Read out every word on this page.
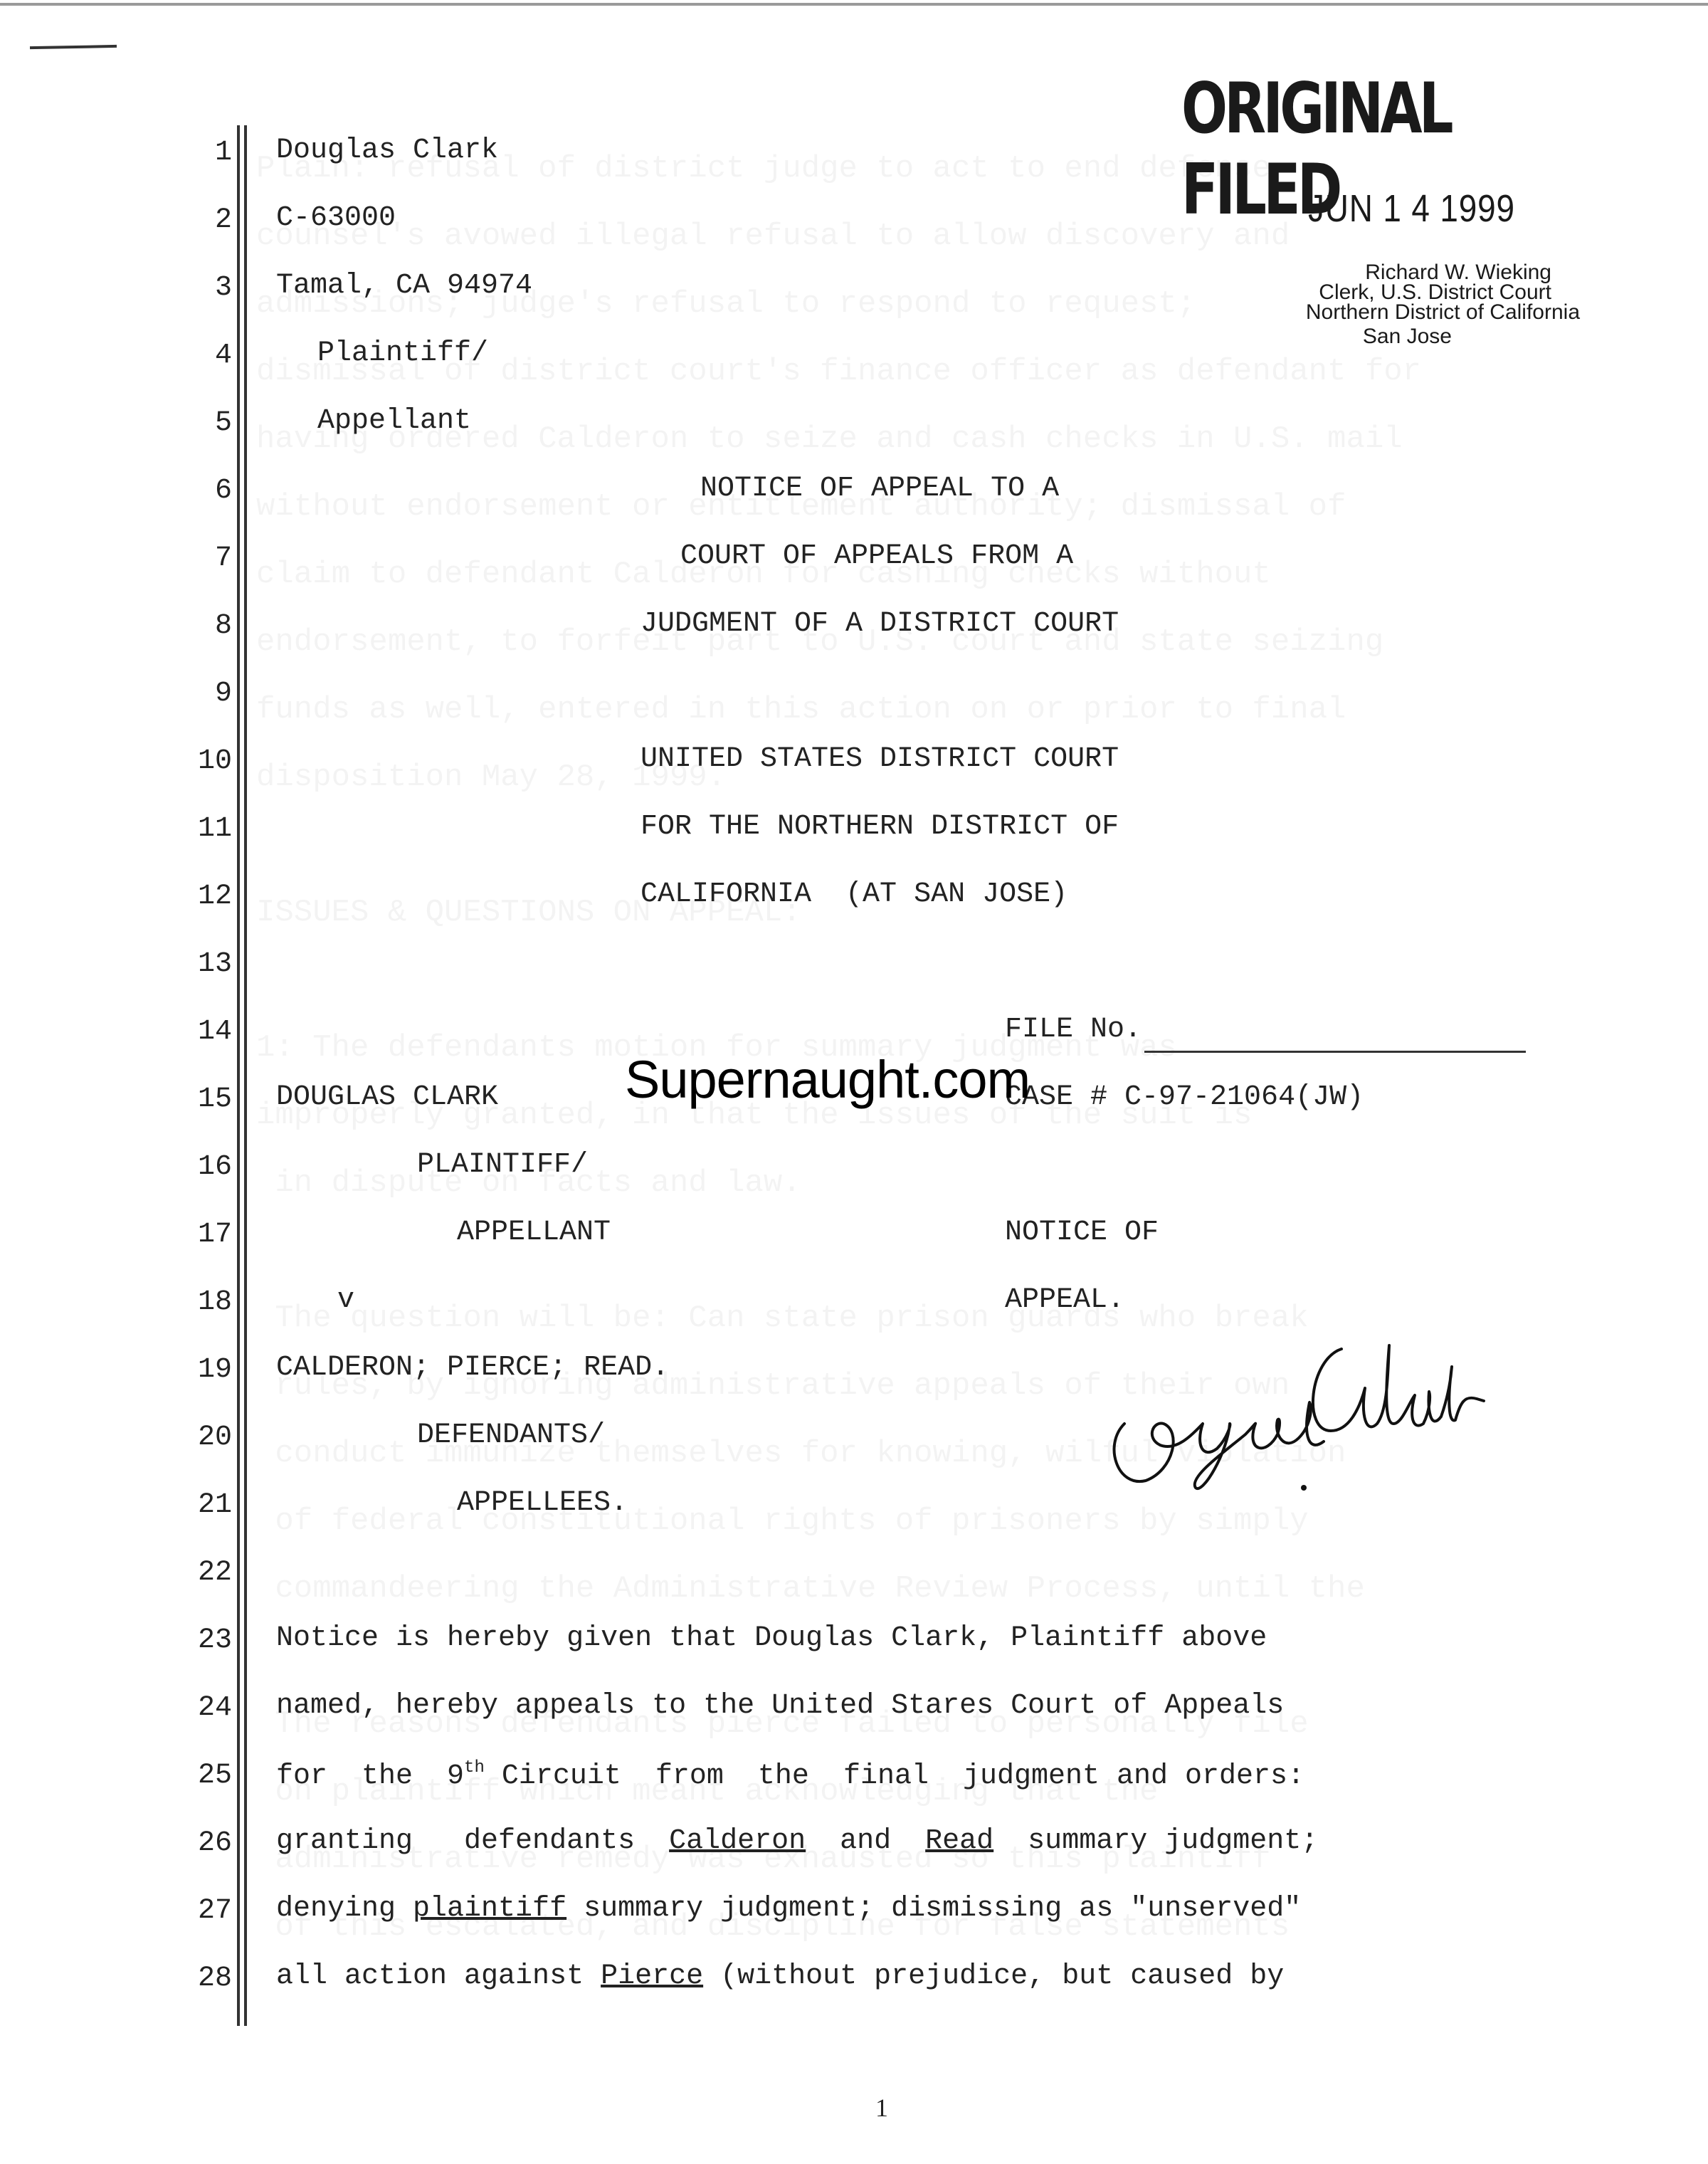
ORIGINAL FILED
JUN 1 4 1999
Richard W. Wieking
Clerk, U.S. District Court
Northern District of California
San Jose
1
2
3
4
5
6
7
8
9
10
11
12
13
14
15
16
17
18
19
20
21
22
23
24
25
26
27
28
Douglas Clark
C-63000
Tamal, CA 94974
Plaintiff/
Appellant
NOTICE OF APPEAL TO A
COURT OF APPEALS FROM A
JUDGMENT OF A DISTRICT COURT
UNITED STATES DISTRICT COURT
FOR THE NORTHERN DISTRICT OF
CALIFORNIA  (AT SAN JOSE)
FILE No.
DOUGLAS CLARK	CASE # C-97-21064(JW)
PLAINTIFF/
APPELLANT	NOTICE OF
v	APPEAL.
CALDERON; PIERCE; READ.
DEFENDANTS/
APPELLEES.
Notice is hereby given that Douglas Clark, Plaintiff above
named, hereby appeals to the United Stares Court of Appeals
for  the  9th Circuit  from  the  final  judgment and orders:
granting   defendants  Calderon  and  Read  summary judgment;
denying plaintiff summary judgment; dismissing as "unserved"
all action against Pierce (without prejudice, but caused by
Supernaught.com
1
